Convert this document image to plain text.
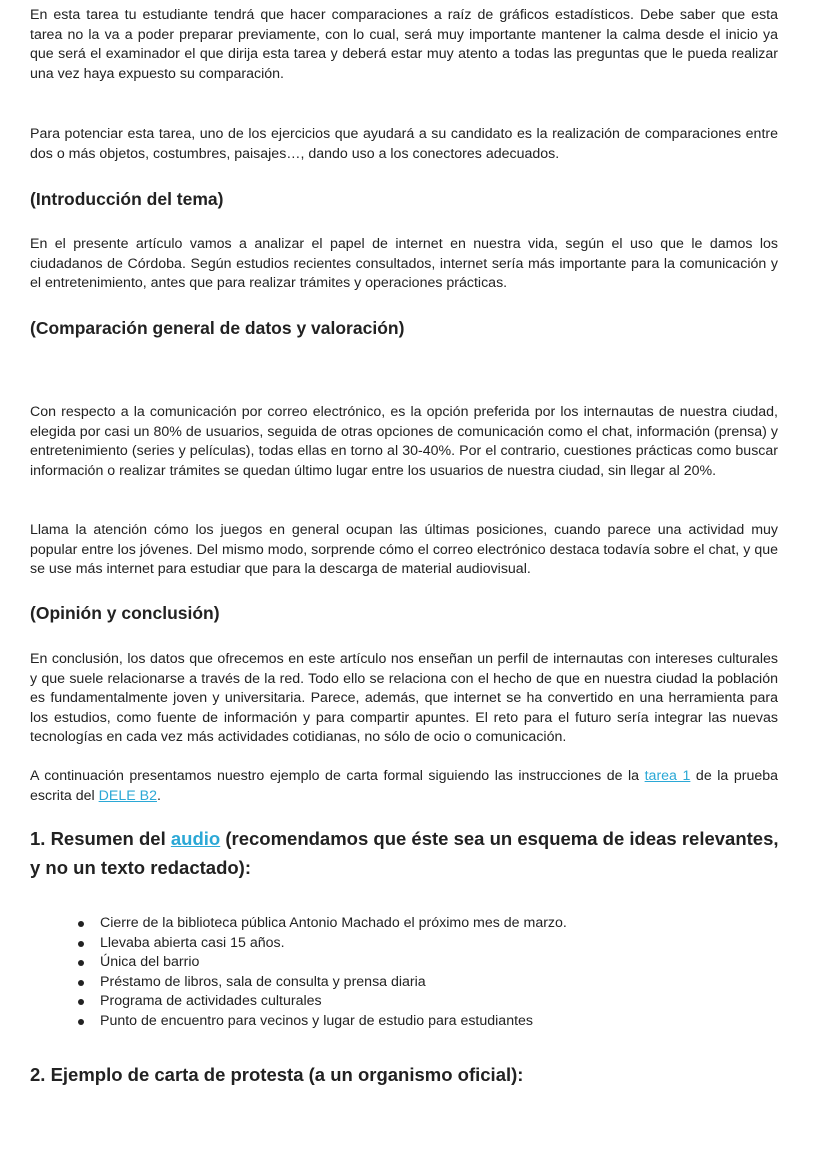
En esta tarea tu estudiante tendrá que hacer comparaciones a raíz de gráficos estadísticos. Debe saber que esta tarea no la va a poder preparar previamente, con lo cual, será muy importante mantener la calma desde el inicio ya que será el examinador el que dirija esta tarea y deberá estar muy atento a todas las preguntas que le pueda realizar una vez haya expuesto su comparación.

Para potenciar esta tarea, uno de los ejercicios que ayudará a su candidato es la realización de comparaciones entre dos o más objetos, costumbres, paisajes…, dando uso a los conectores adecuados.

(Introducción del tema)

En el presente artículo vamos a analizar el papel de internet en nuestra vida, según el uso que le damos los ciudadanos de Córdoba. Según estudios recientes consultados, internet sería más importante para la comunicación y el entretenimiento, antes que para realizar trámites y operaciones prácticas.

(Comparación general de datos y valoración)

Con respecto a la comunicación por correo electrónico, es la opción preferida por los internautas de nuestra ciudad, elegida por casi un 80% de usuarios, seguida de otras opciones de comunicación como el chat, información (prensa) y entretenimiento (series y películas), todas ellas en torno al 30-40%. Por el contrario, cuestiones prácticas como buscar información o realizar trámites se quedan último lugar entre los usuarios de nuestra ciudad, sin llegar al 20%.

Llama la atención cómo los juegos en general ocupan las últimas posiciones, cuando parece una actividad muy popular entre los jóvenes. Del mismo modo, sorprende cómo el correo electrónico destaca todavía sobre el chat, y que se use más internet para estudiar que para la descarga de material audiovisual.

(Opinión y conclusión)

En conclusión, los datos que ofrecemos en este artículo nos enseñan un perfil de internautas con intereses culturales y que suele relacionarse a través de la red. Todo ello se relaciona con el hecho de que en nuestra ciudad la población es fundamentalmente joven y universitaria. Parece, además, que internet se ha convertido en una herramienta para los estudios, como fuente de información y para compartir apuntes. El reto para el futuro sería integrar las nuevas tecnologías en cada vez más actividades cotidianas, no sólo de ocio o comunicación.

A continuación presentamos nuestro ejemplo de carta formal siguiendo las instrucciones de la tarea 1 de la prueba escrita del DELE B2.

1. Resumen del audio (recomendamos que éste sea un esquema de ideas relevantes, y no un texto redactado):
Cierre de la biblioteca pública Antonio Machado el próximo mes de marzo.
Llevaba abierta casi 15 años.
Única del barrio
Préstamo de libros, sala de consulta y prensa diaria
Programa de actividades culturales
Punto de encuentro para vecinos y lugar de estudio para estudiantes
2. Ejemplo de carta de protesta (a un organismo oficial):
